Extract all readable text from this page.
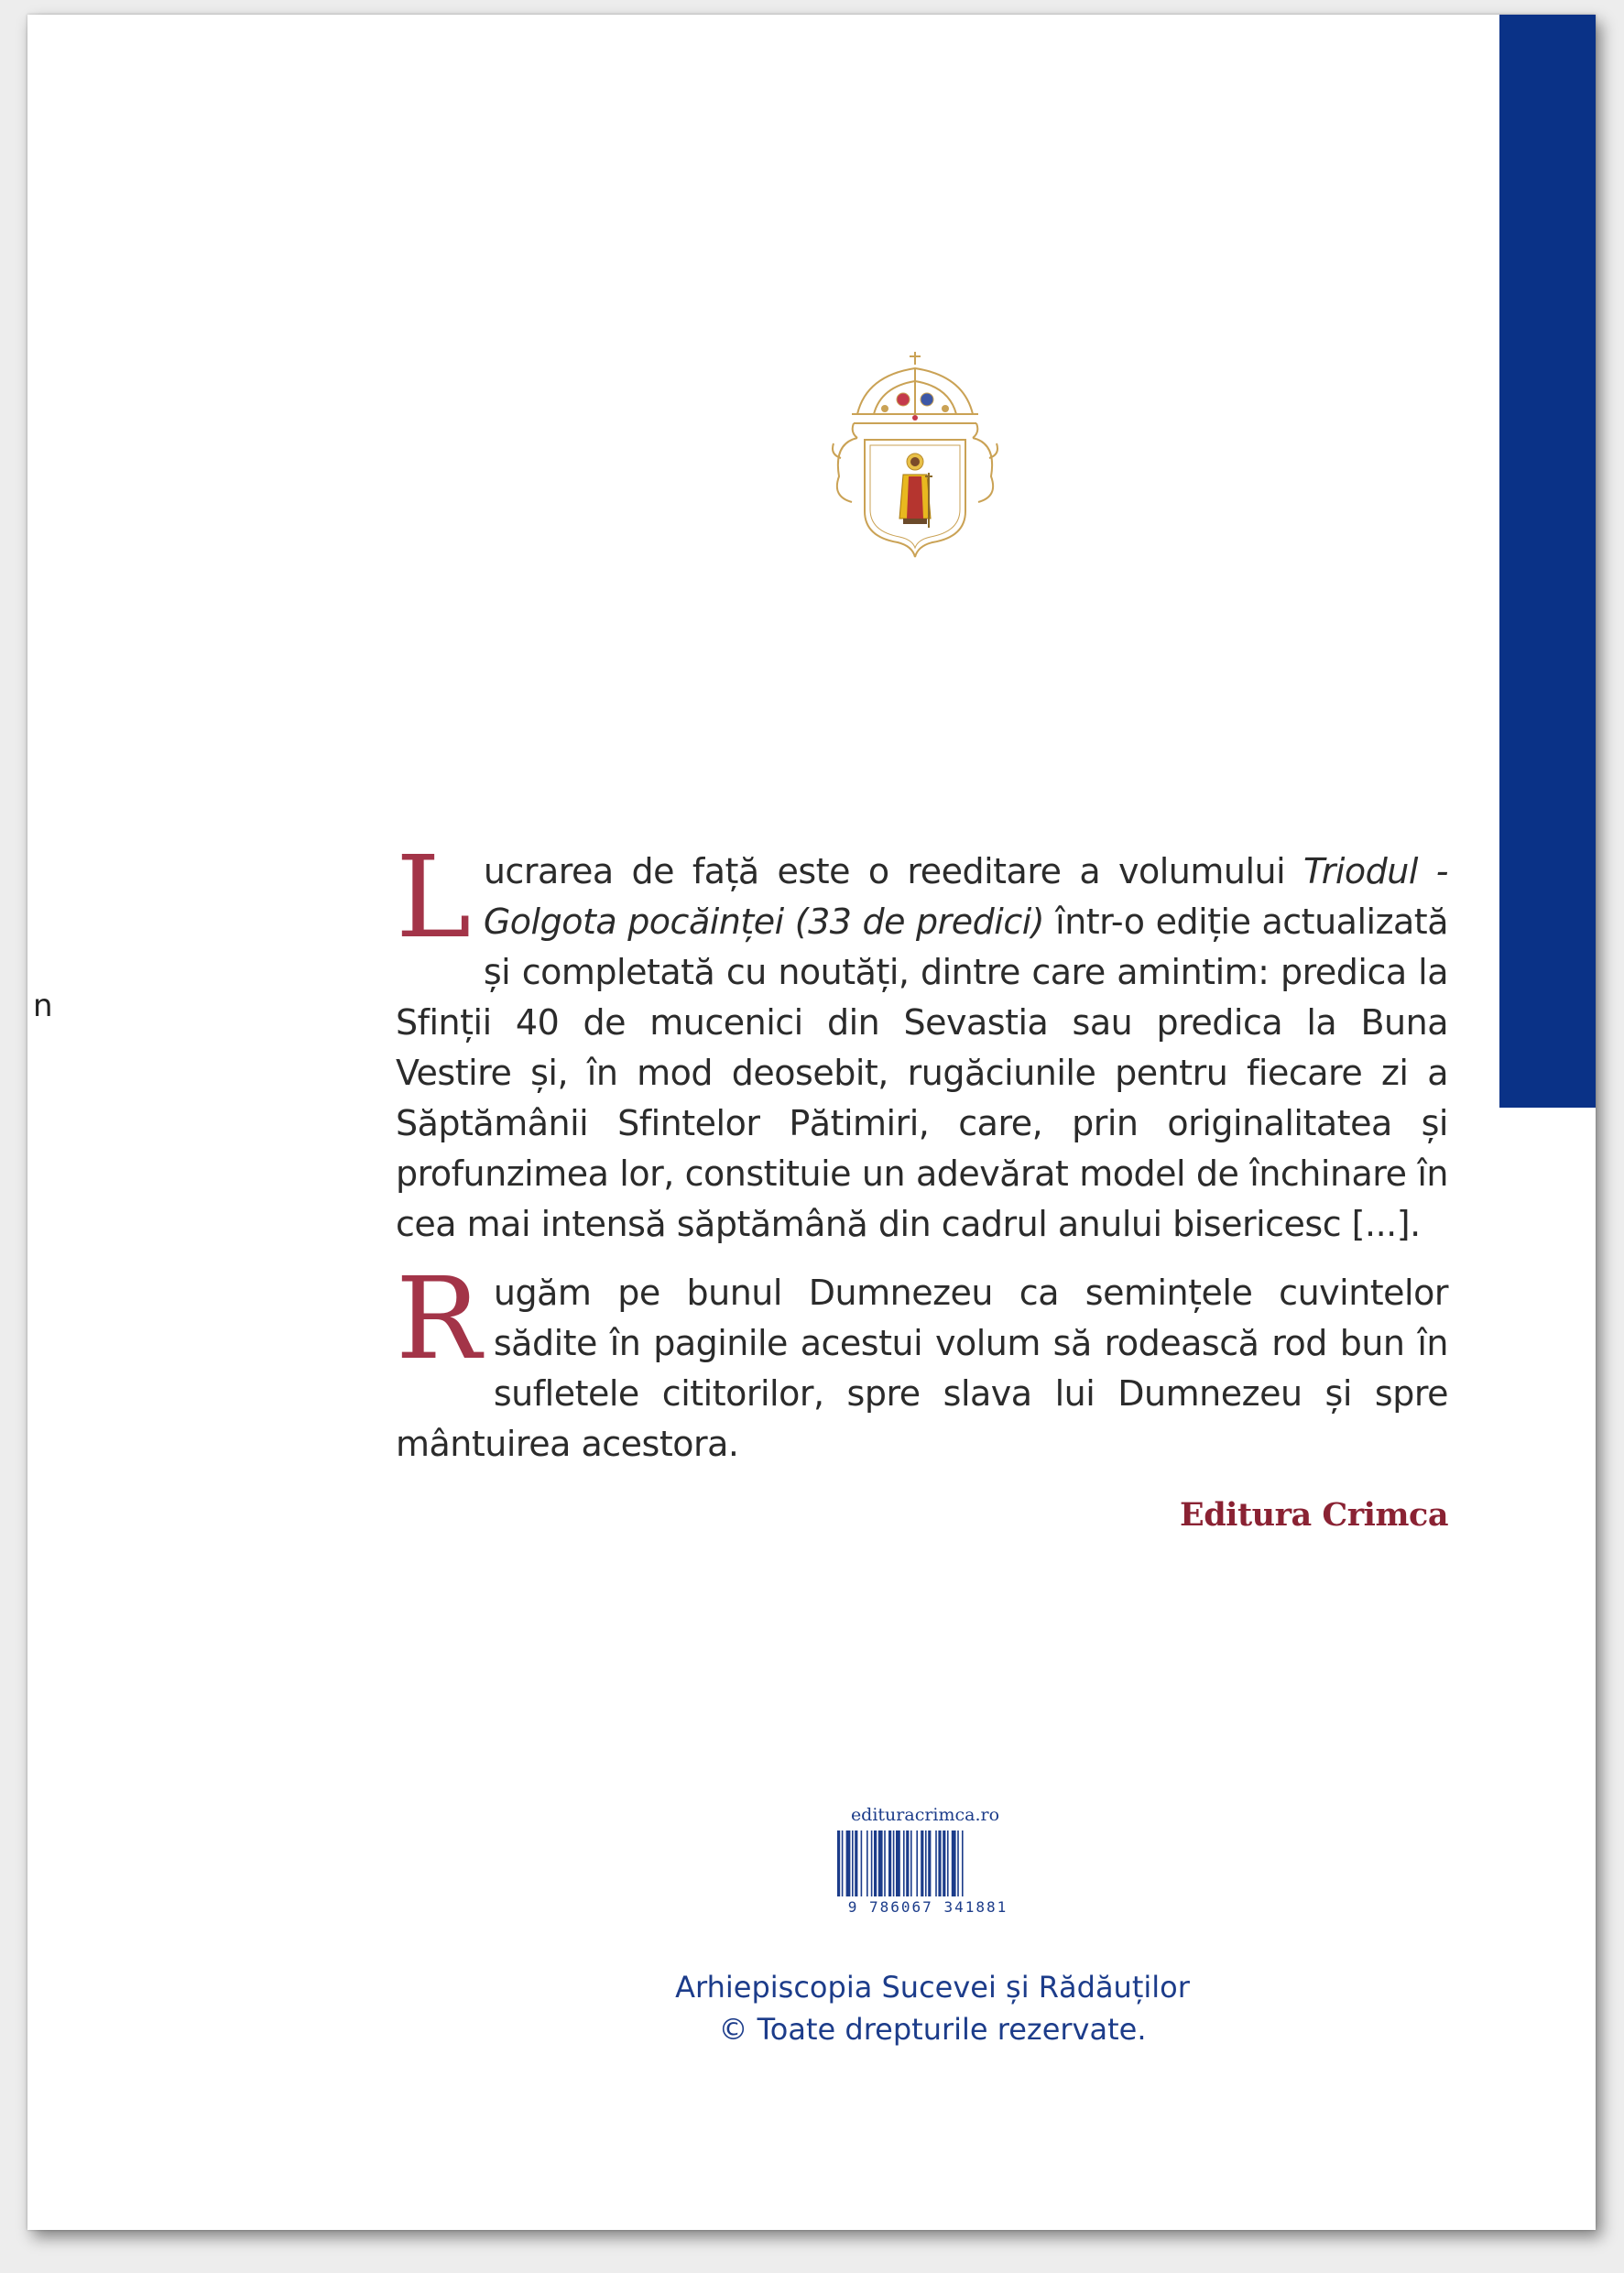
n

Lucrarea de față este o reeditare a volumului Triodul - Golgota pocăinței (33 de predici) într-o ediție actualizată și completată cu noutăți, dintre care amintim: predica la Sfinții 40 de mucenici din Sevastia sau predica la Buna Vestire și, în mod deosebit, rugăciunile pentru fiecare zi a Săptămânii Sfintelor Pătimiri, care, prin originalitatea și profunzimea lor, constituie un adevărat model de închinare în cea mai intensă săptămână din cadrul anului bisericesc [...].

Rugăm pe bunul Dumnezeu ca semințele cuvintelor sădite în paginile acestui volum să rodească rod bun în sufletele cititorilor, spre slava lui Dumnezeu și spre mântuirea acestora.

Editura Crimca
edituracrimca.ro
9 786067 341881
Arhiepiscopia Sucevei și Rădăuților
© Toate drepturile rezervate.
